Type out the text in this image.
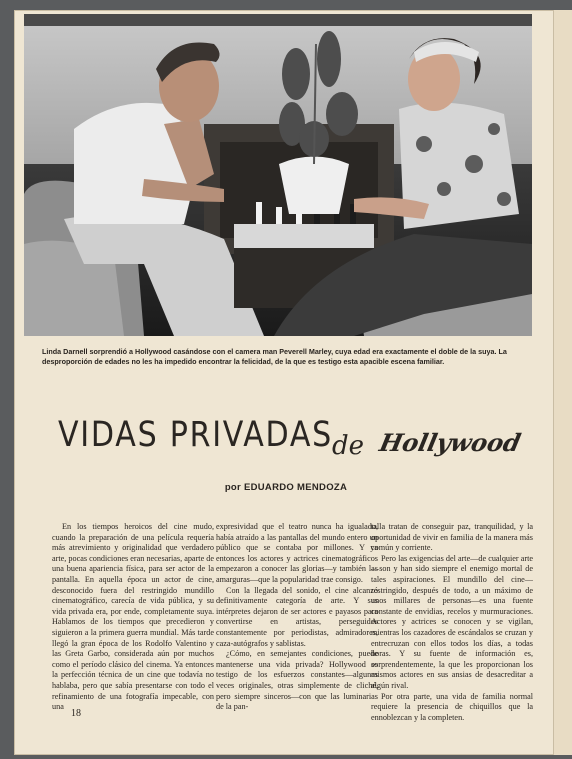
Linda Darnell sorprendió a Hollywood casándose con el camera man Peverell Marley, cuya edad era exactamente el doble de la suya. La desproporción de edades no les ha impedido encontrar la felicidad, de la que es testigo esta apacible escena familiar.
VIDAS PRIVADAS
de Hollywood
por EDUARDO MENDOZA

En los tiempos heroicos del cine mudo, cuando la preparación de una película requería más atrevimiento y originalidad que verdadero arte, pocas condiciones eran necesarias, aparte de una buena apariencia física, para ser actor de la pantalla. En aquella época un actor de cine, desconocido fuera del restringido mundillo cinematográfico, carecía de vida pública, y su vida privada era, por ende, completamente suya. Hablamos de los tiempos que precedieron y siguieron a la primera guerra mundial. Más tarde llegó la gran época de los Rodolfo Valentino y las Greta Garbo, considerada aún por muchos como el período clásico del cinema. Ya entonces la perfección técnica de un cine que todavía no hablaba, pero que sabía presentarse con todo el refinamiento de una fotografía impecable, con una

expresividad que el teatro nunca ha igualado, había atraído a las pantallas del mundo entero un público que se contaba por millones. Y ya entonces los actores y actrices cinematográficos empezaron a conocer las glorias—y también las amarguras—que la popularidad trae consigo.

Con la llegada del sonido, el cine alcanzó definitivamente categoría de arte. Y sus intérpretes dejaron de ser actores e payasos para convertirse en artistas, perseguidos constantemente por periodistas, admiradores, caza-autógrafos y sablistas.

¿Cómo, en semejantes condiciones, puede mantenerse una vida privada? Hollywood es testigo de los esfuerzos constantes—algunas veces originales, otras simplemente de cliché, pero siempre sinceros—con que las luminarias de la pan-

talla tratan de conseguir paz, tranquilidad, y la oportunidad de vivir en familia de la manera más común y corriente.

Pero las exigencias del arte—de cualquier arte—son y han sido siempre el enemigo mortal de tales aspiraciones. El mundillo del cine—restringido, después de todo, a un máximo de unos millares de personas—es una fuente constante de envidias, recelos y murmuraciones. Actores y actrices se conocen y se vigilan, mientras los cazadores de escándalos se cruzan y entrecruzan con ellos todos los días, a todas horas. Y su fuente de información es, sorprendentemente, la que les proporcionan los mismos actores en sus ansias de desacreditar a algún rival.

Por otra parte, una vida de familia normal requiere la presencia de chiquillos que la ennoblezcan y la completen.

18
